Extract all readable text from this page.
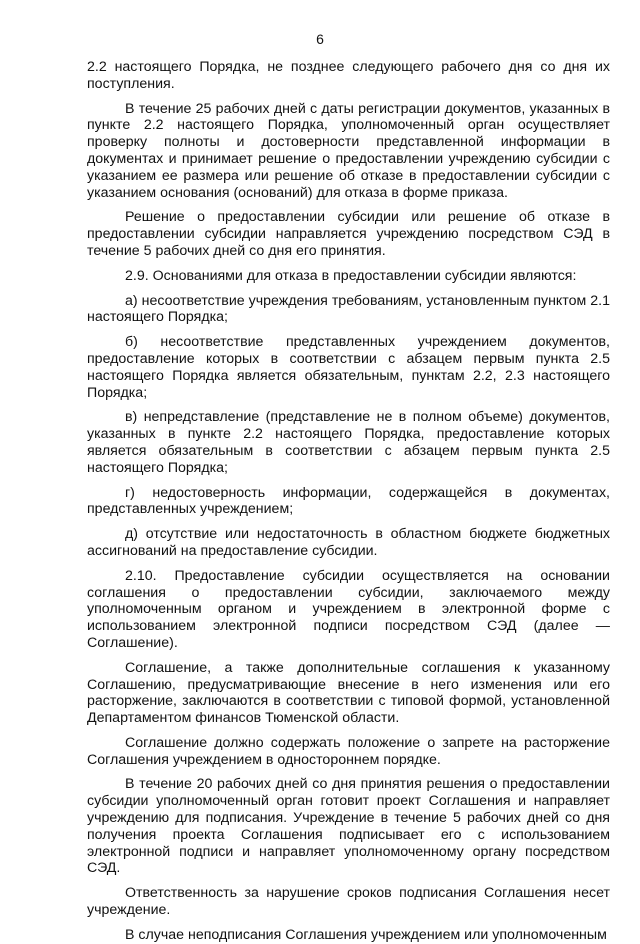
6

2.2 настоящего Порядка, не позднее следующего рабочего дня со дня их поступления.

В течение 25 рабочих дней с даты регистрации документов, указанных в пункте 2.2 настоящего Порядка, уполномоченный орган осуществляет проверку полноты и достоверности представленной информации в документах и принимает решение о предоставлении учреждению субсидии с указанием ее размера или решение об отказе в предоставлении субсидии с указанием основания (оснований) для отказа в форме приказа.

Решение о предоставлении субсидии или решение об отказе в предоставлении субсидии направляется учреждению посредством СЭД в течение 5 рабочих дней со дня его принятия.

2.9. Основаниями для отказа в предоставлении субсидии являются:

а) несоответствие учреждения требованиям, установленным пунктом 2.1 настоящего Порядка;

б) несоответствие представленных учреждением документов, предоставление которых в соответствии с абзацем первым пункта 2.5 настоящего Порядка является обязательным, пунктам 2.2, 2.3 настоящего Порядка;

в) непредставление (представление не в полном объеме) документов, указанных в пункте 2.2 настоящего Порядка, предоставление которых является обязательным в соответствии с абзацем первым пункта 2.5 настоящего Порядка;

г) недостоверность информации, содержащейся в документах, представленных учреждением;

д) отсутствие или недостаточность в областном бюджете бюджетных ассигнований на предоставление субсидии.

2.10. Предоставление субсидии осуществляется на основании соглашения о предоставлении субсидии, заключаемого между уполномоченным органом и учреждением в электронной форме с использованием электронной подписи посредством СЭД (далее — Соглашение).

Соглашение, а также дополнительные соглашения к указанному Соглашению, предусматривающие внесение в него изменения или его расторжение, заключаются в соответствии с типовой формой, установленной Департаментом финансов Тюменской области.

Соглашение должно содержать положение о запрете на расторжение Соглашения учреждением в одностороннем порядке.

В течение 20 рабочих дней со дня принятия решения о предоставлении субсидии уполномоченный орган готовит проект Соглашения и направляет учреждению для подписания. Учреждение в течение 5 рабочих дней со дня получения проекта Соглашения подписывает его с использованием электронной подписи и направляет уполномоченному органу посредством СЭД.

Ответственность за нарушение сроков подписания Соглашения несет учреждение.

В случае неподписания Соглашения учреждением или уполномоченным
